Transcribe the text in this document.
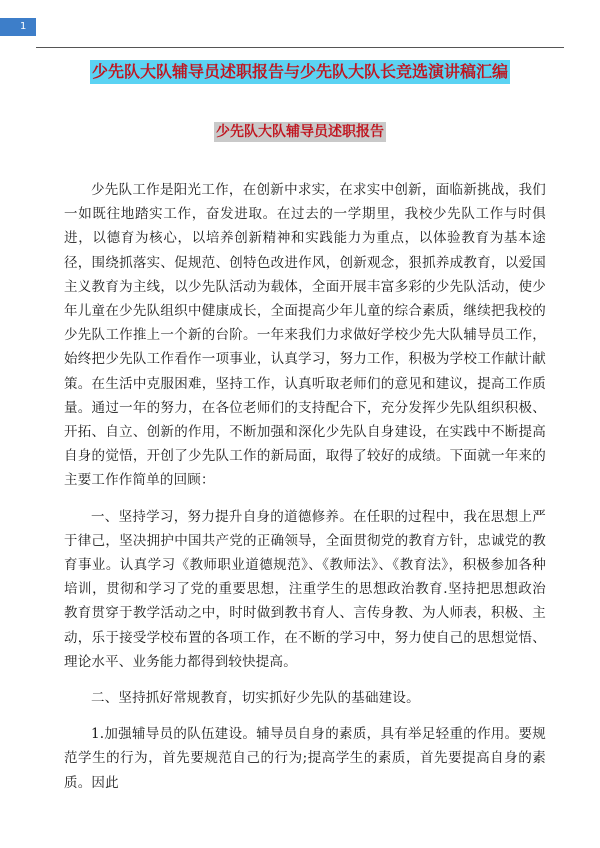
1
少先队大队辅导员述职报告与少先队大队长竞选演讲稿汇编
少先队大队辅导员述职报告

少先队工作是阳光工作，在创新中求实，在求实中创新，面临新挑战，我们一如既往地踏实工作，奋发进取。在过去的一学期里，我校少先队工作与时俱进，以德育为核心，以培养创新精神和实践能力为重点，以体验教育为基本途径，围绕抓落实、促规范、创特色改进作风，创新观念，狠抓养成教育，以爱国主义教育为主线，以少先队活动为载体，全面开展丰富多彩的少先队活动，使少年儿童在少先队组织中健康成长，全面提高少年儿童的综合素质，继续把我校的少先队工作推上一个新的台阶。一年来我们力求做好学校少先大队辅导员工作，始终把少先队工作看作一项事业，认真学习，努力工作，积极为学校工作献计献策。在生活中克服困难，坚持工作，认真听取老师们的意见和建议，提高工作质量。通过一年的努力，在各位老师们的支持配合下，充分发挥少先队组织积极、开拓、自立、创新的作用，不断加强和深化少先队自身建设，在实践中不断提高自身的觉悟，开创了少先队工作的新局面，取得了较好的成绩。下面就一年来的主要工作作简单的回顾：

一、坚持学习，努力提升自身的道德修养。在任职的过程中，我在思想上严于律己，坚决拥护中国共产党的正确领导，全面贯彻党的教育方针，忠诚党的教育事业。认真学习《教师职业道德规范》、《教师法》、《教育法》，积极参加各种培训，贯彻和学习了党的重要思想，注重学生的思想政治教育.坚持把思想政治教育贯穿于教学活动之中，时时做到教书育人、言传身教、为人师表，积极、主动，乐于接受学校布置的各项工作，在不断的学习中，努力使自己的思想觉悟、理论水平、业务能力都得到较快提高。

二、坚持抓好常规教育，切实抓好少先队的基础建设。

1.加强辅导员的队伍建设。辅导员自身的素质，具有举足轻重的作用。要规范学生的行为，首先要规范自己的行为;提高学生的素质，首先要提高自身的素质。因此
